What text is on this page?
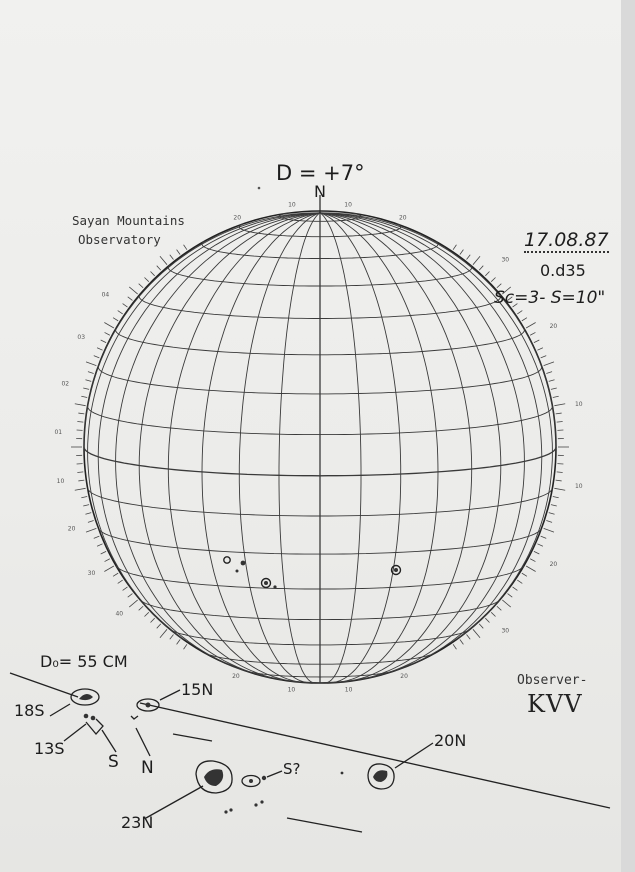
04
03
02
01
10
20
30
40
30
20
10
10
20
30
20
10	10
20
20
10	10
20
D = +7°
N
Sayan Mountains
Observatory	17.08.87
0.d35
Sc=3- S=10"
D₀= 55 CM
Observer-
KVV
18S
13S
S N
15N
S?
23N
20N
